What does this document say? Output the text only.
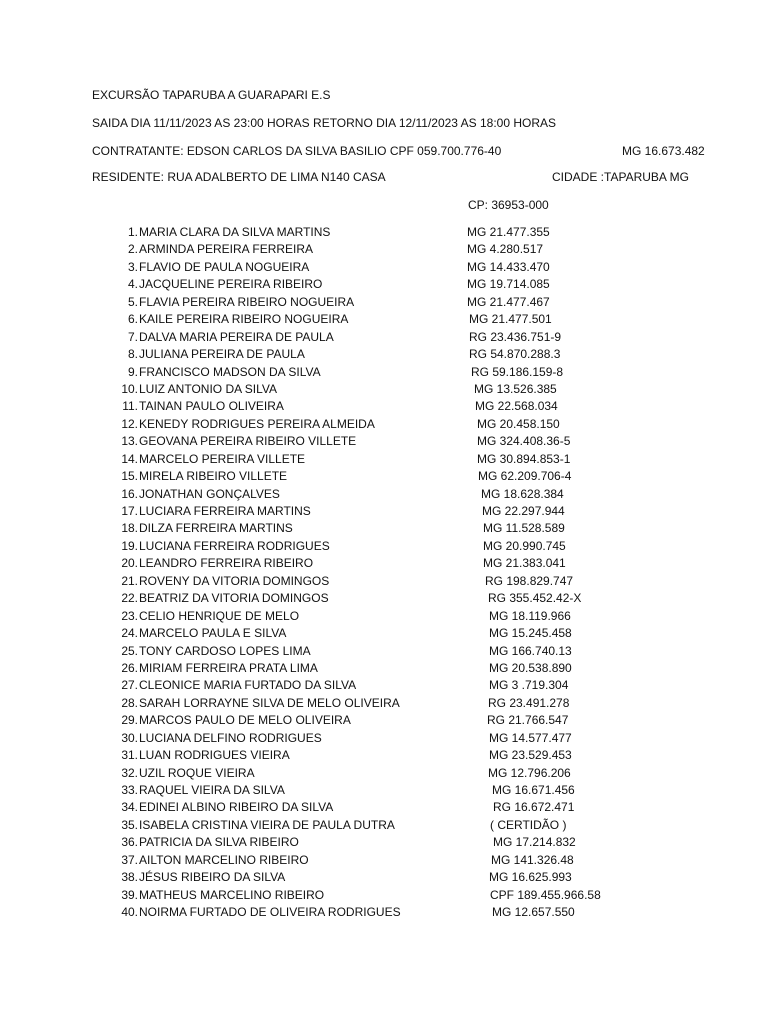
EXCURSÃO TAPARUBA A GUARAPARI E.S
SAIDA DIA 11/11/2023 AS 23:00 HORAS RETORNO DIA 12/11/2023 AS 18:00 HORAS
CONTRATANTE: EDSON CARLOS DA SILVA BASILIO CPF 059.700.776-40	MG 16.673.482
RESIDENTE: RUA ADALBERTO DE LIMA N140 CASA	CIDADE :TAPARUBA MG
CP: 36953-000
1. MARIA CLARA DA SILVA MARTINS	MG 21.477.355
2. ARMINDA PEREIRA FERREIRA	MG 4.280.517
3. FLAVIO DE PAULA NOGUEIRA	MG 14.433.470
4. JACQUELINE PEREIRA RIBEIRO	MG 19.714.085
5. FLAVIA PEREIRA RIBEIRO NOGUEIRA	MG 21.477.467
6. KAILE PEREIRA RIBEIRO NOGUEIRA	MG 21.477.501
7. DALVA MARIA PEREIRA DE PAULA	RG 23.436.751-9
8. JULIANA PEREIRA DE PAULA	RG 54.870.288.3
9. FRANCISCO MADSON DA SILVA	RG 59.186.159-8
10. LUIZ ANTONIO DA SILVA	MG 13.526.385
11. TAINAN PAULO OLIVEIRA	MG 22.568.034
12. KENEDY RODRIGUES PEREIRA ALMEIDA	MG 20.458.150
13. GEOVANA PEREIRA RIBEIRO VILLETE	MG 324.408.36-5
14. MARCELO PEREIRA VILLETE	MG 30.894.853-1
15. MIRELA RIBEIRO VILLETE	MG 62.209.706-4
16. JONATHAN GONÇALVES	MG 18.628.384
17. LUCIARA FERREIRA MARTINS	MG 22.297.944
18. DILZA FERREIRA MARTINS	MG 11.528.589
19. LUCIANA FERREIRA RODRIGUES	MG 20.990.745
20. LEANDRO FERREIRA RIBEIRO	MG 21.383.041
21. ROVENY DA VITORIA DOMINGOS	RG 198.829.747
22. BEATRIZ DA VITORIA DOMINGOS	RG 355.452.42-X
23. CELIO HENRIQUE DE MELO	MG 18.119.966
24. MARCELO PAULA E SILVA	MG 15.245.458
25. TONY CARDOSO LOPES LIMA	MG 166.740.13
26. MIRIAM FERREIRA PRATA LIMA	MG 20.538.890
27. CLEONICE MARIA FURTADO DA SILVA	MG 3 .719.304
28. SARAH LORRAYNE SILVA DE MELO OLIVEIRA	RG 23.491.278
29. MARCOS PAULO DE MELO OLIVEIRA	RG 21.766.547
30. LUCIANA DELFINO RODRIGUES	MG 14.577.477
31. LUAN RODRIGUES VIEIRA	MG 23.529.453
32. UZIL ROQUE VIEIRA	MG 12.796.206
33. RAQUEL VIEIRA DA SILVA	MG 16.671.456
34. EDINEI ALBINO RIBEIRO DA SILVA	RG 16.672.471
35. ISABELA CRISTINA VIEIRA DE PAULA DUTRA	( CERTIDÃO )
36. PATRICIA DA SILVA RIBEIRO	MG 17.214.832
37. AILTON MARCELINO RIBEIRO	MG 141.326.48
38. JÉSUS RIBEIRO DA SILVA	MG 16.625.993
39. MATHEUS MARCELINO RIBEIRO	CPF 189.455.966.58
40. NOIRMA FURTADO DE OLIVEIRA RODRIGUES	MG 12.657.550
